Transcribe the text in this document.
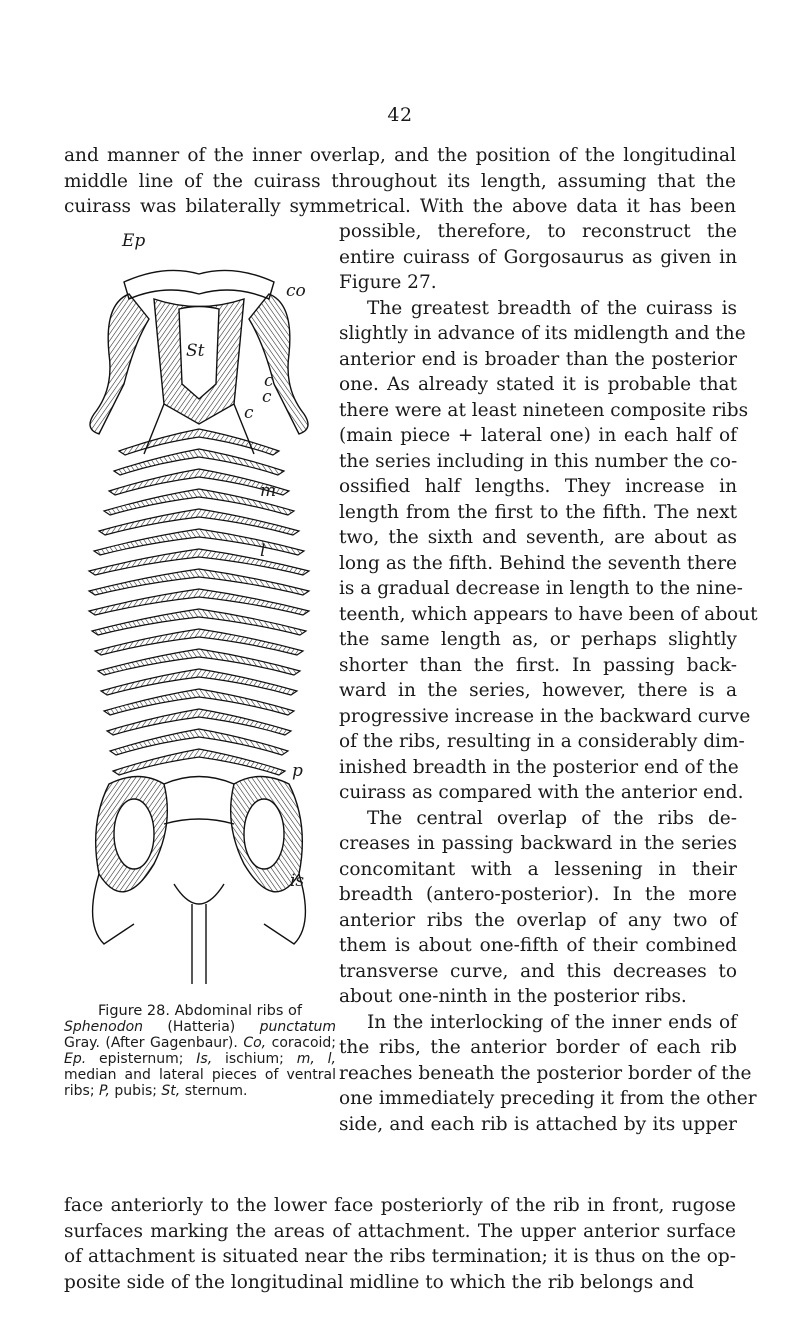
42
and manner of the inner overlap, and the position of the longitudinal
middle line of the cuirass throughout its length, assuming that the
cuirass was bilaterally symmetrical. With the above data it has been
possible, therefore, to reconstruct the
entire cuirass of Gorgosaurus as given in
Figure 27.
The greatest breadth of the cuirass is
slightly in advance of its midlength and the
anterior end is broader than the posterior
one. As already stated it is probable that
there were at least nineteen composite ribs
(main piece + lateral one) in each half of
the series including in this number the co-
ossified half lengths. They increase in
length from the first to the fifth. The next
two, the sixth and seventh, are about as
long as the fifth. Behind the seventh there
is a gradual decrease in length to the nine-
teenth, which appears to have been of about
the same length as, or perhaps slightly
shorter than the first. In passing back-
ward in the series, however, there is a
progressive increase in the backward curve
of the ribs, resulting in a considerably dim-
inished breadth in the posterior end of the
cuirass as compared with the anterior end.
The central overlap of the ribs de-
creases in passing backward in the series
concomitant with a lessening in their
breadth (antero-posterior). In the more
anterior ribs the overlap of any two of
them is about one-fifth of their combined
transverse curve, and this decreases to
about one-ninth in the posterior ribs.
In the interlocking of the inner ends of
the ribs, the anterior border of each rib
reaches beneath the posterior border of the
one immediately preceding it from the other
side, and each rib is attached by its upper
Ep
co
St
c
c
c
m
l
p
is
Figure 28. Abdominal ribs of
Sphenodon (Hatteria) punctatum Gray. (After Gagenbaur). Co, coracoid; Ep. episternum; Is, ischium; m, l, median and lateral pieces of ventral ribs; P, pubis; St, sternum.
face anteriorly to the lower face posteriorly of the rib in front, rugose
surfaces marking the areas of attachment. The upper anterior surface
of attachment is situated near the ribs termination; it is thus on the op-
posite side of the longitudinal midline to which the rib belongs and
